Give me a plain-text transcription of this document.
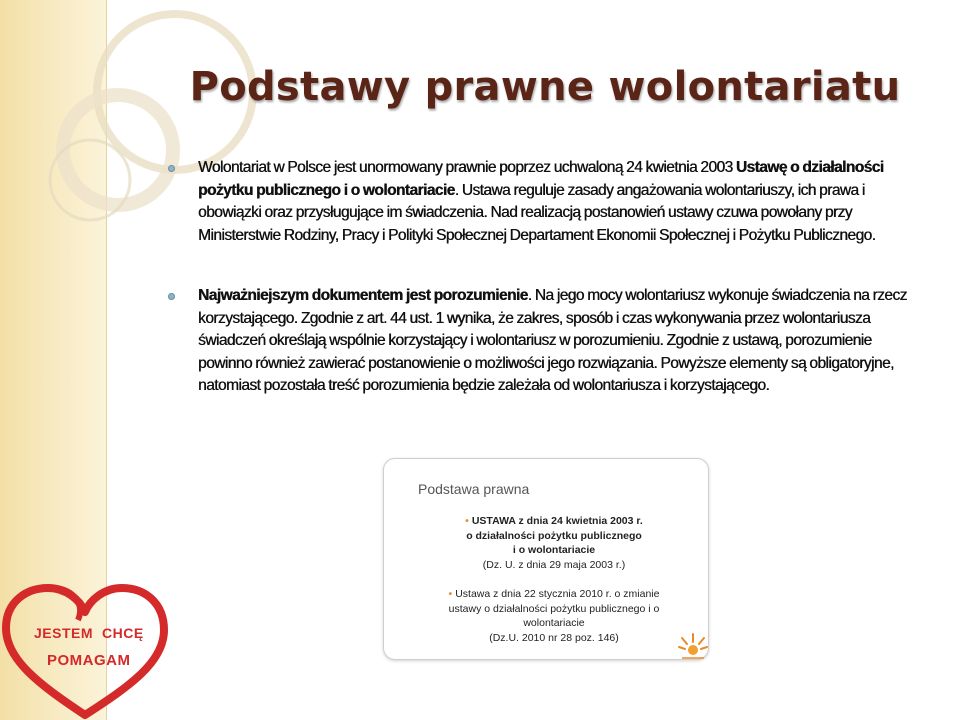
Podstawy prawne wolontariatu
Wolontariat w Polsce jest unormowany prawnie poprzez uchwaloną 24 kwietnia 2003 Ustawę o działalności pożytku publicznego i o wolontariacie. Ustawa reguluje zasady angażowania wolontariuszy, ich prawa i obowiązki oraz przysługujące im świadczenia. Nad realizacją postanowień ustawy czuwa powołany przy Ministerstwie Rodziny, Pracy i Polityki Społecznej Departament Ekonomii Społecznej i Pożytku Publicznego.
Najważniejszym dokumentem jest porozumienie. Na jego mocy wolontariusz wykonuje świadczenia na rzecz korzystającego. Zgodnie z art. 44 ust. 1 wynika, że zakres, sposób i czas wykonywania przez wolontariusza świadczeń określają wspólnie korzystający i wolontariusz w porozumieniu. Zgodnie z ustawą, porozumienie powinno również zawierać postanowienie o możliwości jego rozwiązania. Powyższe elementy są obligatoryjne, natomiast pozostała treść porozumienia będzie zależała od wolontariusza i korzystającego.
Podstawa prawna
• USTAWA z dnia 24 kwietnia 2003 r.
o działalności pożytku publicznego
i o wolontariacie
(Dz. U. z dnia 29 maja 2003 r.)
• Ustawa z dnia 22 stycznia 2010 r. o zmianie
ustawy o działalności pożytku publicznego i o
wolontariacie
(Dz.U. 2010 nr 28 poz. 146)
JESTEM CHCĘ
POMAGAM
